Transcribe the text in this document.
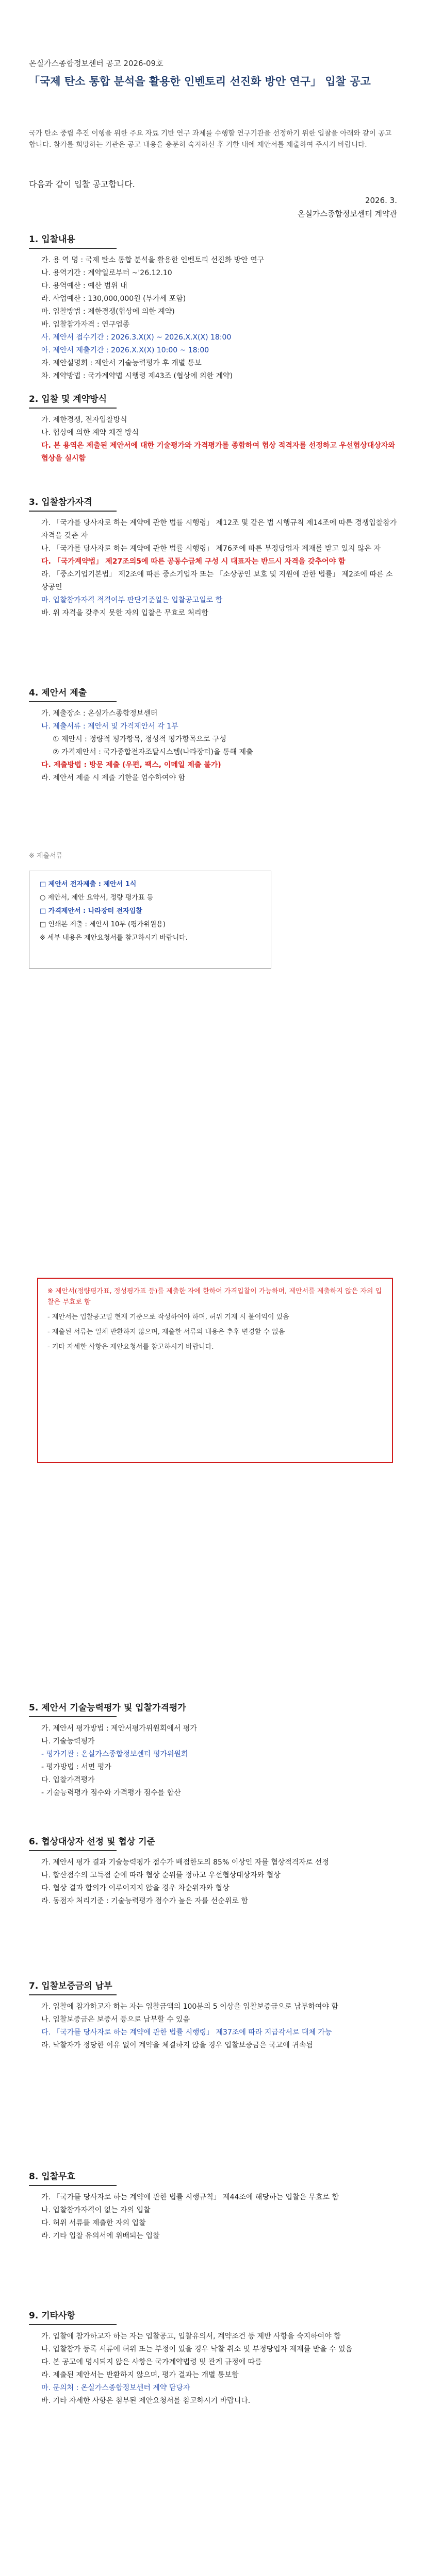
온실가스종합정보센터 공고 2026-09호
「국제 탄소 통합 분석을 활용한 인벤토리 선진화 방안 연구」 입찰 공고
국가 탄소 중립 추진 이행을 위한 주요 자료 기반 연구 과제를 수행할 연구기관을 선정하기 위한 입찰을 아래와 같이 공고합니다. 참가를 희망하는 기관은 공고 내용을 충분히 숙지하신 후 기한 내에 제안서를 제출하여 주시기 바랍니다.
다음과 같이 입찰 공고합니다.
2026. 3.
온실가스종합정보센터 계약관
1. 입찰내용
가. 용 역 명 : 국제 탄소 통합 분석을 활용한 인벤토리 선진화 방안 연구
나. 용역기간 : 계약일로부터 ~'26.12.10
다. 용역예산 : 예산 범위 내
라. 사업예산 : 130,000,000원 (부가세 포함)
마. 입찰방법 : 제한경쟁(협상에 의한 계약)
바. 입찰참가자격 : 연구업종
사. 제안서 접수기간 : 2026.3.X(X) ~ 2026.X.X(X) 18:00
아. 제안서 제출기간 : 2026.X.X(X) 10:00 ~ 18:00
자. 제안설명회 : 제안서 기술능력평가 후 개별 통보
차. 계약방법 : 국가계약법 시행령 제43조 (협상에 의한 계약)
2. 입찰 및 계약방식
가. 제한경쟁, 전자입찰방식
나. 협상에 의한 계약 체결 방식
다. 본 용역은 제출된 제안서에 대한 기술평가와 가격평가를 종합하여 협상 적격자를 선정하고 우선협상대상자와 협상을 실시함
3. 입찰참가자격
가. 「국가를 당사자로 하는 계약에 관한 법률 시행령」 제12조 및 같은 법 시행규칙 제14조에 따른 경쟁입찰참가자격을 갖춘 자
나. 「국가를 당사자로 하는 계약에 관한 법률 시행령」 제76조에 따른 부정당업자 제재를 받고 있지 않은 자
다. 「국가계약법」 제27조의5에 따른 공동수급체 구성 시 대표자는 반드시 자격을 갖추어야 함
라. 「중소기업기본법」 제2조에 따른 중소기업자 또는 「소상공인 보호 및 지원에 관한 법률」 제2조에 따른 소상공인
마. 입찰참가자격 적격여부 판단기준일은 입찰공고일로 함
바. 위 자격을 갖추지 못한 자의 입찰은 무효로 처리함
4. 제안서 제출
가. 제출장소 : 온실가스종합정보센터
나. 제출서류 : 제안서 및 가격제안서 각 1부
① 제안서 : 정량적 평가항목, 정성적 평가항목으로 구성
② 가격제안서 : 국가종합전자조달시스템(나라장터)을 통해 제출
다. 제출방법 : 방문 제출 (우편, 팩스, 이메일 제출 불가)
라. 제안서 제출 시 제출 기한을 엄수하여야 함
※ 제출서류

□ 제안서 전자제출 : 제안서 1식

○ 제안서, 제안 요약서, 정량 평가표 등

□ 가격제안서 : 나라장터 전자입찰

□ 인쇄본 제출 : 제안서 10부 (평가위원용)

※ 세부 내용은 제안요청서를 참고하시기 바랍니다.

※ 제안서(정량평가표, 정성평가표 등)를 제출한 자에 한하여 가격입찰이 가능하며, 제안서를 제출하지 않은 자의 입찰은 무효로 함

- 제안서는 입찰공고일 현재 기준으로 작성하여야 하며, 허위 기재 시 불이익이 있음

- 제출된 서류는 일체 반환하지 않으며, 제출한 서류의 내용은 추후 변경할 수 없음

- 기타 자세한 사항은 제안요청서를 참고하시기 바랍니다.

5. 제안서 기술능력평가 및 입찰가격평가
가. 제안서 평가방법 : 제안서평가위원회에서 평가
나. 기술능력평가
- 평가기관 : 온실가스종합정보센터 평가위원회
- 평가방법 : 서면 평가
다. 입찰가격평가
- 기술능력평가 점수와 가격평가 점수를 합산
6. 협상대상자 선정 및 협상 기준
가. 제안서 평가 결과 기술능력평가 점수가 배점한도의 85% 이상인 자를 협상적격자로 선정
나. 합산점수의 고득점 순에 따라 협상 순위를 정하고 우선협상대상자와 협상
다. 협상 결과 합의가 이루어지지 않을 경우 차순위자와 협상
라. 동점자 처리기준 : 기술능력평가 점수가 높은 자를 선순위로 함
7. 입찰보증금의 납부
가. 입찰에 참가하고자 하는 자는 입찰금액의 100분의 5 이상을 입찰보증금으로 납부하여야 함
나. 입찰보증금은 보증서 등으로 납부할 수 있음
다. 「국가를 당사자로 하는 계약에 관한 법률 시행령」 제37조에 따라 지급각서로 대체 가능
라. 낙찰자가 정당한 이유 없이 계약을 체결하지 않을 경우 입찰보증금은 국고에 귀속됨
8. 입찰무효
가. 「국가를 당사자로 하는 계약에 관한 법률 시행규칙」 제44조에 해당하는 입찰은 무효로 함
나. 입찰참가자격이 없는 자의 입찰
다. 허위 서류를 제출한 자의 입찰
라. 기타 입찰 유의서에 위배되는 입찰
9. 기타사항
가. 입찰에 참가하고자 하는 자는 입찰공고, 입찰유의서, 계약조건 등 제반 사항을 숙지하여야 함
나. 입찰참가 등록 서류에 허위 또는 부정이 있을 경우 낙찰 취소 및 부정당업자 제재를 받을 수 있음
다. 본 공고에 명시되지 않은 사항은 국가계약법령 및 관계 규정에 따름
라. 제출된 제안서는 반환하지 않으며, 평가 결과는 개별 통보함
마. 문의처 : 온실가스종합정보센터 계약 담당자
바. 기타 자세한 사항은 첨부된 제안요청서를 참고하시기 바랍니다.
